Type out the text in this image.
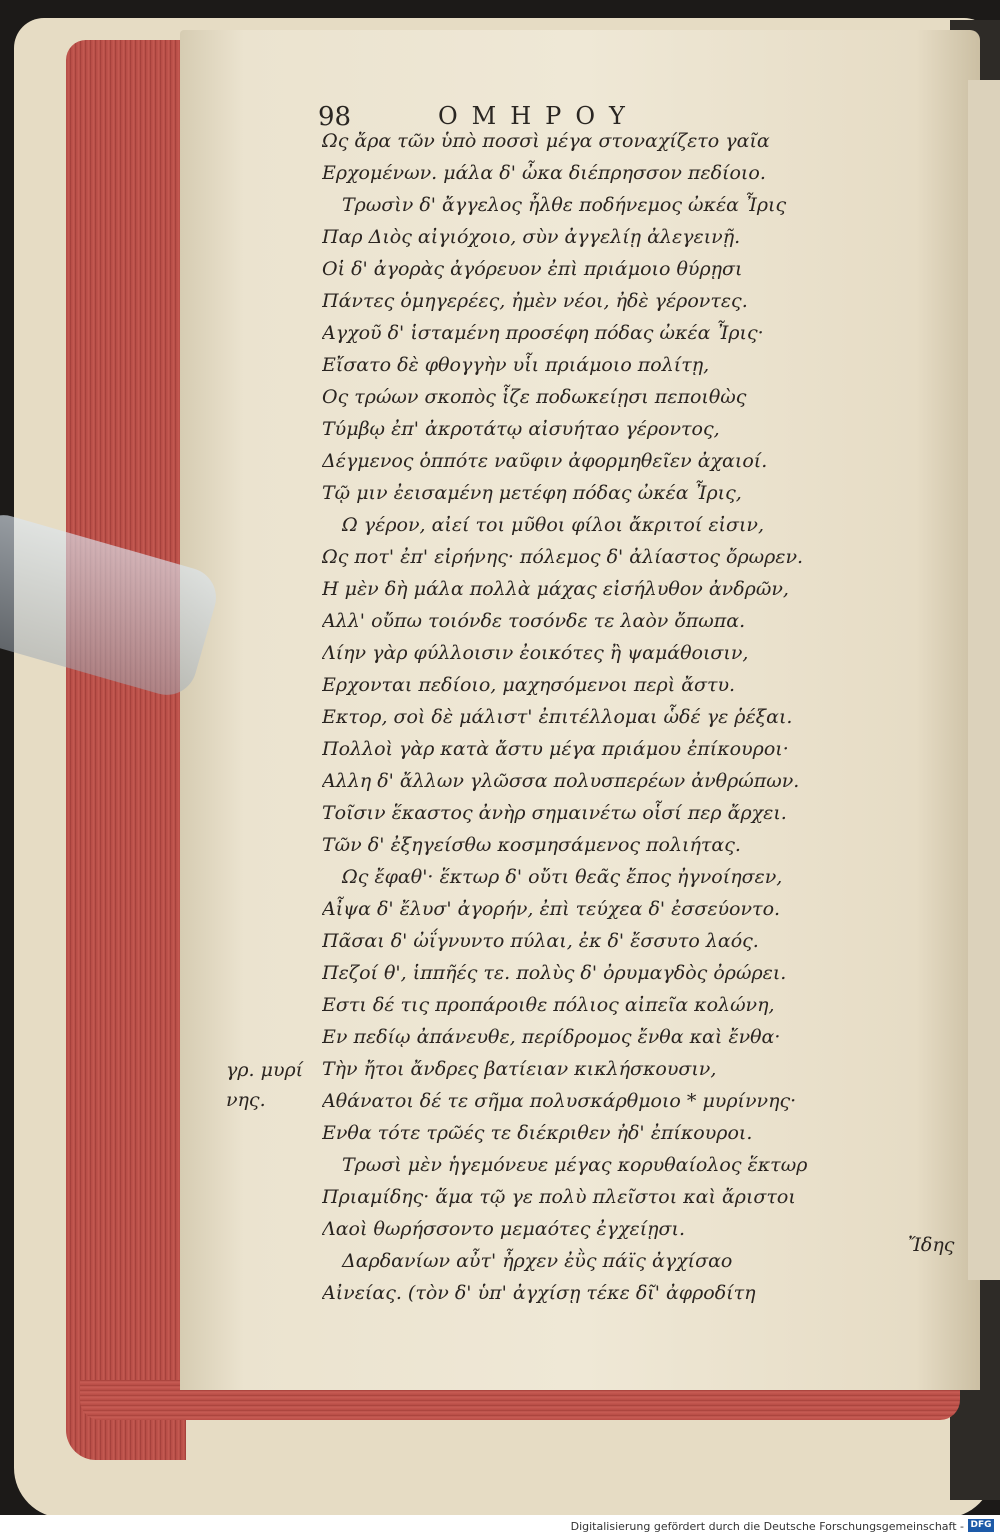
98	ΟΜΗΡΟΥ
Ως ἄρα τῶν ὑπὸ ποσσὶ μέγα στοναχίζετο γαῖα
Ερχομένων. μάλα δ' ὦκα διέπρησσον πεδίοιο.
Τρωσὶν δ' ἄγγελος ἦλθε ποδήνεμος ὠκέα Ἶρις
Παρ Διὸς αἰγιόχοιο, σὺν ἀγγελίῃ ἀλεγεινῇ.
Οἱ δ' ἀγορὰς ἀγόρευον ἐπὶ πριάμοιο θύρῃσι
Πάντες ὁμηγερέες, ἠμὲν νέοι, ἠδὲ γέροντες.
Αγχοῦ δ' ἱσταμένη προσέφη πόδας ὠκέα Ἶρις·
Εἴσατο δὲ φθογγὴν υἷι πριάμοιο πολίτῃ,
Ος τρώων σκοπὸς ἷζε ποδωκείῃσι πεποιθὼς
Τύμβῳ ἐπ' ἀκροτάτῳ αἰσυήταο γέροντος,
Δέγμενος ὁππότε ναῦφιν ἀφορμηθεῖεν ἀχαιοί.
Τῷ μιν ἐεισαμένη μετέφη πόδας ὠκέα Ἶρις,
Ω γέρον, αἰεί τοι μῦθοι φίλοι ἄκριτοί εἰσιν,
Ως ποτ' ἐπ' εἰρήνης· πόλεμος δ' ἀλίαστος ὄρωρεν.
Η μὲν δὴ μάλα πολλὰ μάχας εἰσήλυθον ἀνδρῶν,
Αλλ' οὔπω τοιόνδε τοσόνδε τε λαὸν ὄπωπα.
Λίην γὰρ φύλλοισιν ἐοικότες ἢ ψαμάθοισιν,
Ερχονται πεδίοιο, μαχησόμενοι περὶ ἄστυ.
Εκτορ, σοὶ δὲ μάλιστ' ἐπιτέλλομαι ὧδέ γε ῥέξαι.
Πολλοὶ γὰρ κατὰ ἄστυ μέγα πριάμου ἐπίκουροι·
Αλλη δ' ἄλλων γλῶσσα πολυσπερέων ἀνθρώπων.
Τοῖσιν ἕκαστος ἀνὴρ σημαινέτω οἷσί περ ἄρχει.
Τῶν δ' ἐξηγείσθω κοσμησάμενος πολιήτας.
Ως ἔφαθ'· ἕκτωρ δ' οὔτι θεᾶς ἔπος ἠγνοίησεν,
Αἶψα δ' ἔλυσ' ἀγορήν, ἐπὶ τεύχεα δ' ἐσσεύοντο.
Πᾶσαι δ' ὠΐγνυντο πύλαι, ἐκ δ' ἔσσυτο λαός.
Πεζοί θ', ἱππῆές τε. πολὺς δ' ὀρυμαγδὸς ὀρώρει.
Εστι δέ τις προπάροιθε πόλιος αἰπεῖα κολώνη,
Εν πεδίῳ ἀπάνευθε, περίδρομος ἔνθα καὶ ἔνθα·
Τὴν ἤτοι ἄνδρες βατίειαν κικλήσκουσιν,
Αθάνατοι δέ τε σῆμα πολυσκάρθμοιο * μυρίννης·
Ενθα τότε τρῶές τε διέκριθεν ἠδ' ἐπίκουροι.
Τρωσὶ μὲν ἡγεμόνευε μέγας κορυθαίολος ἕκτωρ
Πριαμίδης· ἅμα τῷ γε πολὺ πλεῖστοι καὶ ἄριστοι
Λαοὶ θωρήσσοντο μεμαότες ἐγχείῃσι.
Δαρδανίων αὖτ' ἦρχεν ἐῢς πάϊς ἀγχίσαο
Αἰνείας. (τὸν δ' ὑπ' ἀγχίσῃ τέκε δῖ' ἀφροδίτη
γρ. μυρί
νης.
Ἴδης
Digitalisierung gefördert durch die Deutsche Forschungsgemeinschaft - DFG
